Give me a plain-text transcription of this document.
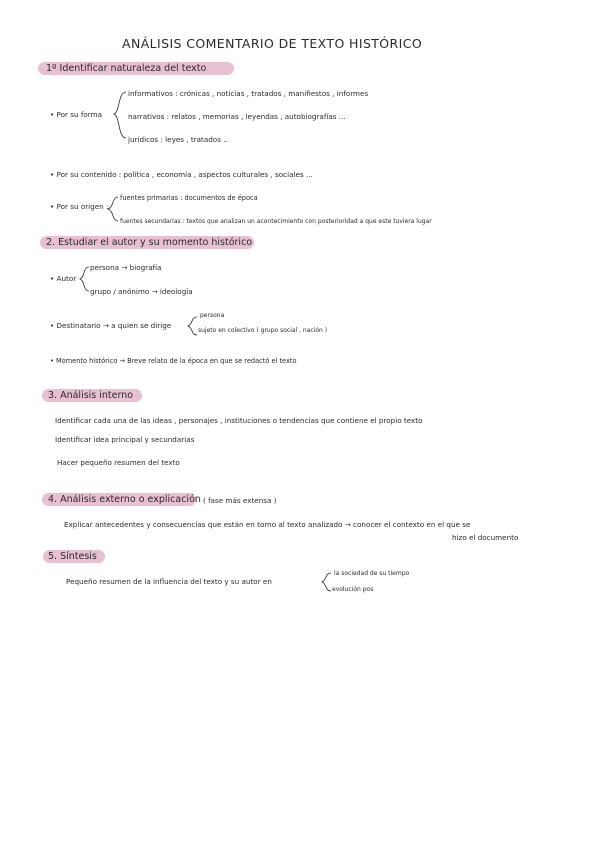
ANÁLISIS COMENTARIO DE TEXTO HISTÓRICO
1º Identificar naturaleza del texto
• Por su forma
informativos : crónicas , noticias , tratados , manifiestos , informes
narrativos : relatos , memorias , leyendas , autobiografías ...
jurídicos : leyes , tratados ..
• Por su contenido : política , economía , aspectos culturales , sociales ...
• Por su origen :
fuentes primarias : documentos de época
fuentes secundarias : textos que analizan un acontecimiento con posterioridad a que este tuviera lugar
2. Estudiar el autor y su momento histórico
• Autor
persona → biografía
grupo / anónimo → ideología
• Destinatario → a quien se dirige
persona
sujeto en colectivo ( grupo social , nación )
• Momento histórico → Breve relato de la época en que se redactó el texto
3. Análisis interno
Identificar cada una de las ideas , personajes , instituciones o tendencias que contiene el propio texto
Identificar idea principal y secundarias
Hacer pequeño resumen del texto
4. Análisis externo o explicación ( fase más extensa )
Explicar antecedentes y consecuencias que están en torno al texto analizado → conocer el contexto en el que se
hizo el documento
5. Síntesis
Pequeño resumen de la influencia del texto y su autor en
la sociedad de su tiempo
evolución pos
